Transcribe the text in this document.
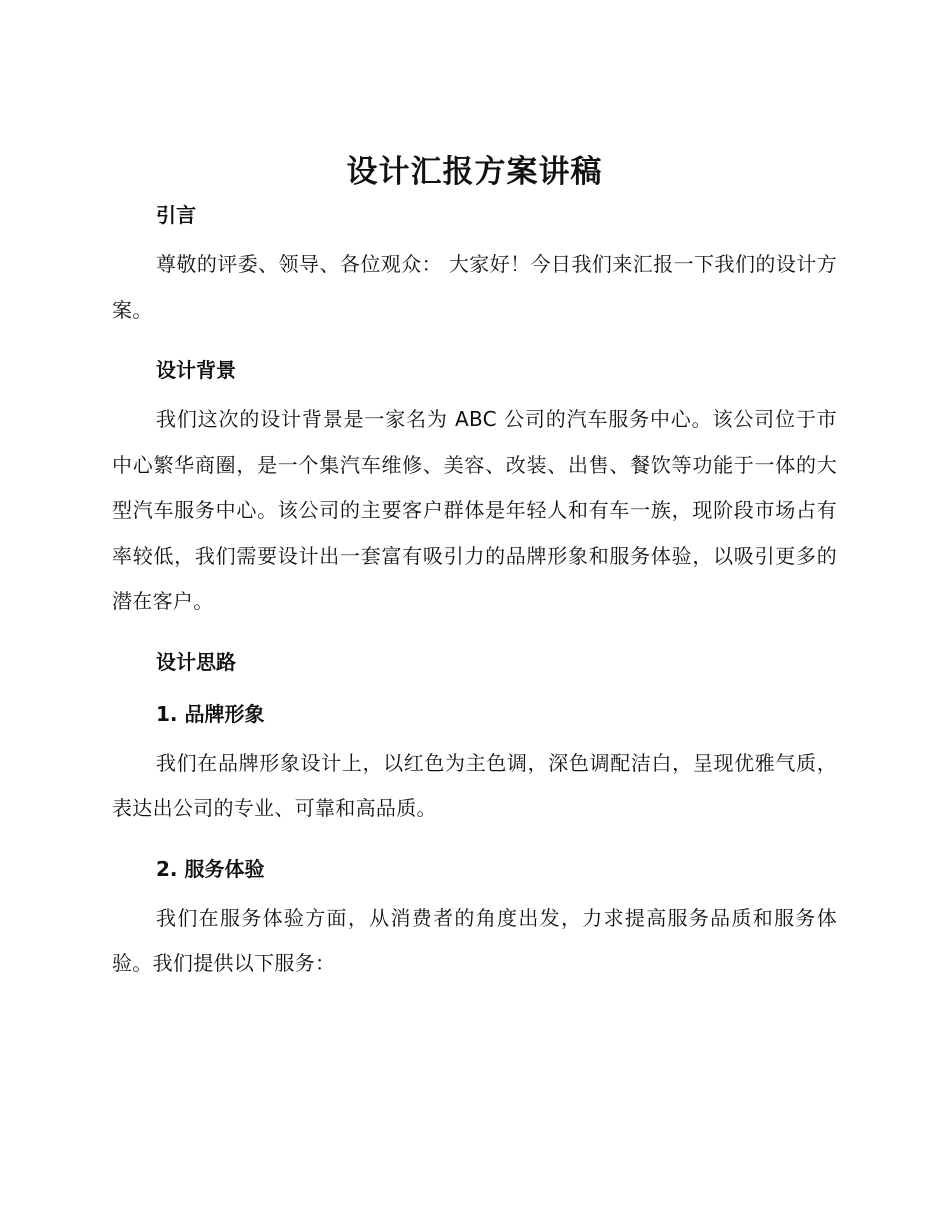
设计汇报方案讲稿
引言

尊敬的评委、领导、各位观众： 大家好！今日我们来汇报一下我们的设计方案。

设计背景

我们这次的设计背景是一家名为 ABC 公司的汽车服务中心。该公司位于市中心繁华商圈，是一个集汽车维修、美容、改装、出售、餐饮等功能于一体的大型汽车服务中心。该公司的主要客户群体是年轻人和有车一族，现阶段市场占有率较低，我们需要设计出一套富有吸引力的品牌形象和服务体验，以吸引更多的潜在客户。

设计思路
1. 品牌形象

我们在品牌形象设计上，以红色为主色调，深色调配洁白，呈现优雅气质，表达出公司的专业、可靠和高品质。

2. 服务体验

我们在服务体验方面，从消费者的角度出发，力求提高服务品质和服务体验。我们提供以下服务：
